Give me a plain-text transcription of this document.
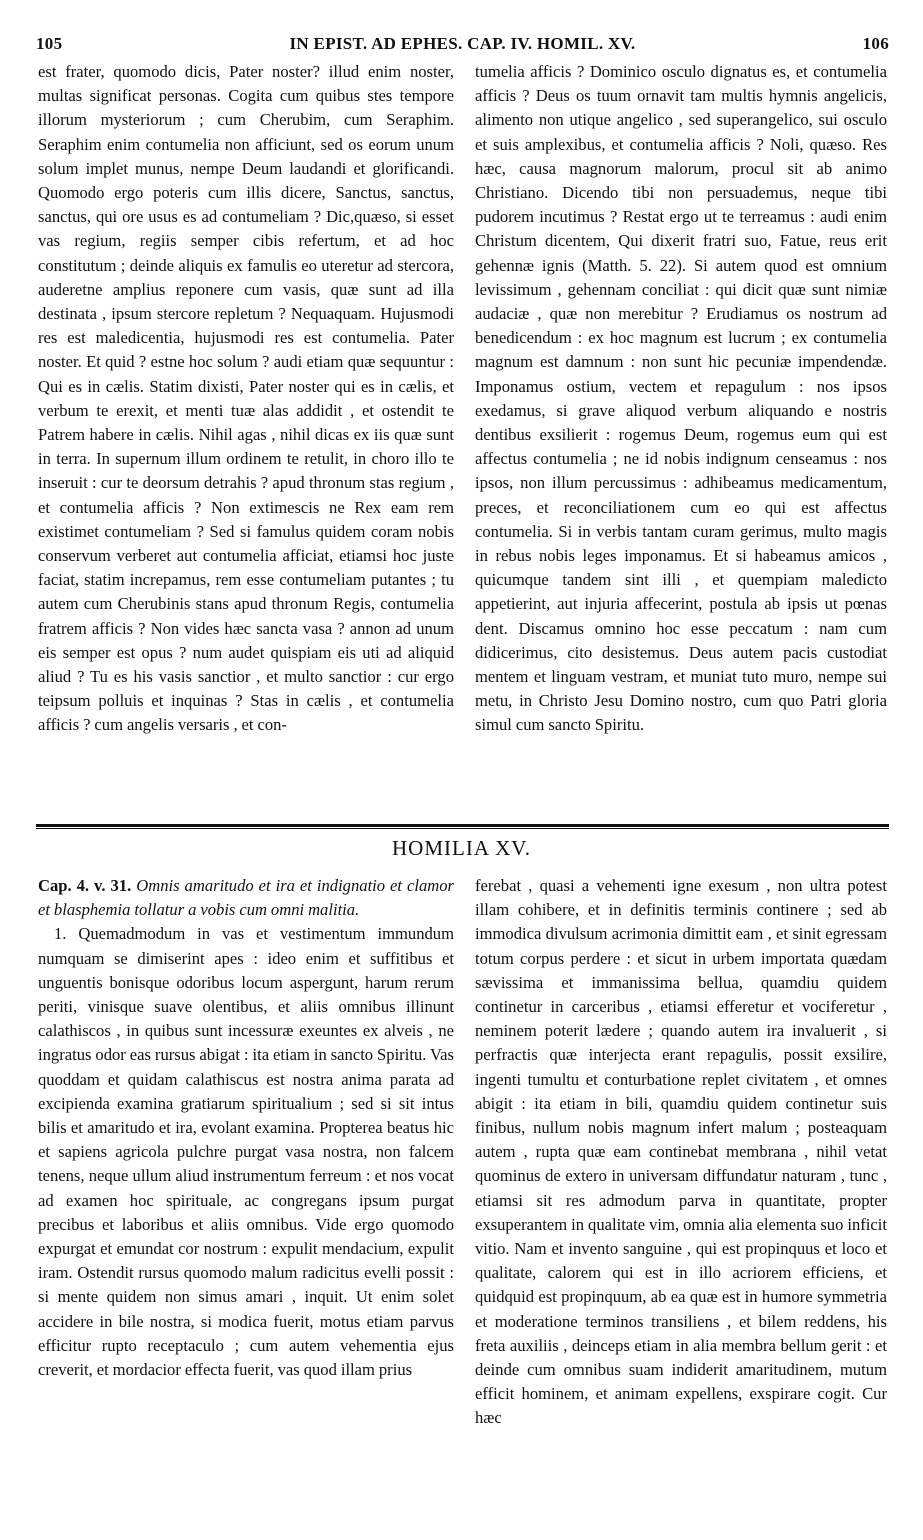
105	IN EPIST. AD EPHES. CAP. IV. HOMIL. XV.	106

est frater, quomodo dicis, Pater noster? illud enim noster, multas significat personas. Cogita cum quibus stes tempore illorum mysteriorum ; cum Cherubim, cum Seraphim. Seraphim enim contumelia non afficiunt, sed os eorum unum solum implet munus, nempe Deum laudandi et glorificandi. Quomodo ergo poteris cum illis dicere, Sanctus, sanctus, sanctus, qui ore usus es ad contumeliam ? Dic,quæso, si esset vas regium, regiis semper cibis refertum, et ad hoc constitutum ; deinde aliquis ex famulis eo uteretur ad stercora, auderetne amplius reponere cum vasis, quæ sunt ad illa destinata , ipsum stercore repletum ? Nequaquam. Hujusmodi res est maledicentia, hujusmodi res est contumelia. Pater noster. Et quid ? estne hoc solum ? audi etiam quæ sequuntur : Qui es in cælis. Statim dixisti, Pater noster qui es in cælis, et verbum te erexit, et menti tuæ alas addidit , et ostendit te Patrem habere in cælis. Nihil agas , nihil dicas ex iis quæ sunt in terra. In supernum illum ordinem te retulit, in choro illo te inseruit : cur te deorsum detrahis ? apud thronum stas regium , et contumelia afficis ? Non extimescis ne Rex eam rem existimet contumeliam ? Sed si famulus quidem coram nobis conservum verberet aut contumelia afficiat, etiamsi hoc juste faciat, statim increpamus, rem esse contumeliam putantes ; tu autem cum Cherubinis stans apud thronum Regis, contumelia fratrem afficis ? Non vides hæc sancta vasa ? annon ad unum eis semper est opus ? num audet quispiam eis uti ad aliquid aliud ? Tu es his vasis sanctior , et multo sanctior : cur ergo teipsum polluis et inquinas ? Stas in cælis , et contumelia afficis ? cum angelis versaris , et con-

tumelia afficis ? Dominico osculo dignatus es, et contumelia afficis ? Deus os tuum ornavit tam multis hymnis angelicis, alimento non utique angelico , sed superangelico, sui osculo et suis amplexibus, et contumelia afficis ? Noli, quæso. Res hæc, causa magnorum malorum, procul sit ab animo Christiano. Dicendo tibi non persuademus, neque tibi pudorem incutimus ? Restat ergo ut te terreamus : audi enim Christum dicentem, Qui dixerit fratri suo, Fatue, reus erit gehennæ ignis (Matth. 5. 22). Si autem quod est omnium levissimum , gehennam conciliat : qui dicit quæ sunt nimiæ audaciæ , quæ non merebitur ? Erudiamus os nostrum ad benedicendum : ex hoc magnum est lucrum ; ex contumelia magnum est damnum : non sunt hic pecuniæ impendendæ. Imponamus ostium, vectem et repagulum : nos ipsos exedamus, si grave aliquod verbum aliquando e nostris dentibus exsilierit : rogemus Deum, rogemus eum qui est affectus contumelia ; ne id nobis indignum censeamus : nos ipsos, non illum percussimus : adhibeamus medicamentum, preces, et reconciliationem cum eo qui est affectus contumelia. Si in verbis tantam curam gerimus, multo magis in rebus nobis leges imponamus. Et si habeamus amicos , quicumque tandem sint illi , et quempiam maledicto appetierint, aut injuria affecerint, postula ab ipsis ut pœnas dent. Discamus omnino hoc esse peccatum : nam cum didicerimus, cito desistemus. Deus autem pacis custodiat mentem et linguam vestram, et muniat tuto muro, nempe sui metu, in Christo Jesu Domino nostro, cum quo Patri gloria simul cum sancto Spiritu.

HOMILIA XV.

Cap. 4. v. 31. Omnis amaritudo et ira et indignatio et clamor et blasphemia tollatur a vobis cum omni malitia.

1. Quemadmodum in vas et vestimentum immundum numquam se dimiserint apes : ideo enim et suffitibus et unguentis bonisque odoribus locum aspergunt, harum rerum periti, vinisque suave olentibus, et aliis omnibus illinunt calathiscos , in quibus sunt incessuræ exeuntes ex alveis , ne ingratus odor eas rursus abigat : ita etiam in sancto Spiritu. Vas quoddam et quidam calathiscus est nostra anima parata ad excipienda examina gratiarum spiritualium ; sed si sit intus bilis et amaritudo et ira, evolant examina. Propterea beatus hic et sapiens agricola pulchre purgat vasa nostra, non falcem tenens, neque ullum aliud instrumentum ferreum : et nos vocat ad examen hoc spirituale, ac congregans ipsum purgat precibus et laboribus et aliis omnibus. Vide ergo quomodo expurgat et emundat cor nostrum : expulit mendacium, expulit iram. Ostendit rursus quomodo malum radicitus evelli possit : si mente quidem non simus amari , inquit. Ut enim solet accidere in bile nostra, si modica fuerit, motus etiam parvus efficitur rupto receptaculo ; cum autem vehementia ejus creverit, et mordacior effecta fuerit, vas quod illam prius

ferebat , quasi a vehementi igne exesum , non ultra potest illam cohibere, et in definitis terminis continere ; sed ab immodica divulsum acrimonia dimittit eam , et sinit egressam totum corpus perdere : et sicut in urbem importata quædam sævissima et immanissima bellua, quamdiu quidem continetur in carceribus , etiamsi efferetur et vociferetur , neminem poterit lædere ; quando autem ira invaluerit , si perfractis quæ interjecta erant repagulis, possit exsilire, ingenti tumultu et conturbatione replet civitatem , et omnes abigit : ita etiam in bili, quamdiu quidem continetur suis finibus, nullum nobis magnum infert malum ; posteaquam autem , rupta quæ eam continebat membrana , nihil vetat quominus de extero in universam diffundatur naturam , tunc , etiamsi sit res admodum parva in quantitate, propter exsuperantem in qualitate vim, omnia alia elementa suo inficit vitio. Nam et invento sanguine , qui est propinquus et loco et qualitate, calorem qui est in illo acriorem efficiens, et quidquid est propinquum, ab ea quæ est in humore symmetria et moderatione terminos transiliens , et bilem reddens, his freta auxiliis , deinceps etiam in alia membra bellum gerit : et deinde cum omnibus suam indiderit amaritudinem, mutum efficit hominem, et animam expellens, exspirare cogit. Cur hæc
